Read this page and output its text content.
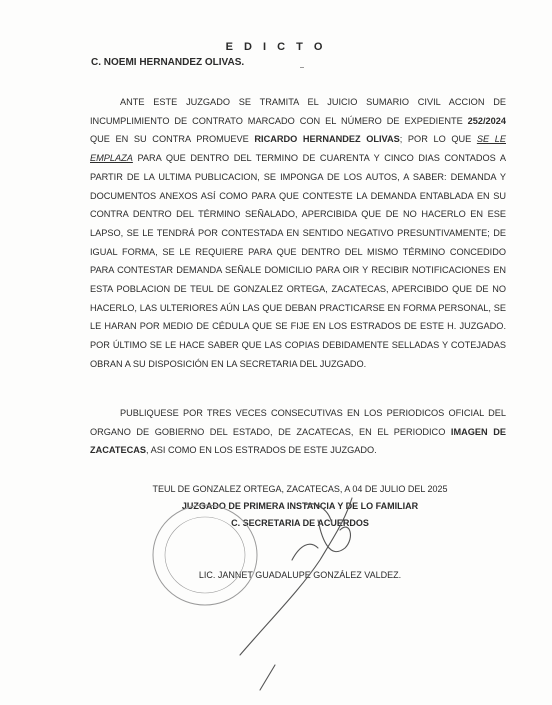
E D I C T O
C. NOEMI HERNANDEZ OLIVAS.
ANTE ESTE JUZGADO SE TRAMITA EL JUICIO SUMARIO CIVIL ACCION DE INCUMPLIMIENTO DE CONTRATO MARCADO CON EL NÚMERO DE EXPEDIENTE 252/2024 QUE EN SU CONTRA PROMUEVE RICARDO HERNANDEZ OLIVAS; POR LO QUE SE LE EMPLAZA PARA QUE DENTRO DEL TERMINO DE CUARENTA Y CINCO DIAS CONTADOS A PARTIR DE LA ULTIMA PUBLICACION, SE IMPONGA DE LOS AUTOS, A SABER: DEMANDA Y DOCUMENTOS ANEXOS ASÍ COMO PARA QUE CONTESTE LA DEMANDA ENTABLADA EN SU CONTRA DENTRO DEL TÉRMINO SEÑALADO, APERCIBIDA QUE DE NO HACERLO EN ESE LAPSO, SE LE TENDRÁ POR CONTESTADA EN SENTIDO NEGATIVO PRESUNTIVAMENTE; DE IGUAL FORMA, SE LE REQUIERE PARA QUE DENTRO DEL MISMO TÉRMINO CONCEDIDO PARA CONTESTAR DEMANDA SEÑALE DOMICILIO PARA OIR Y RECIBIR NOTIFICACIONES EN ESTA POBLACION DE TEUL DE GONZALEZ ORTEGA, ZACATECAS, APERCIBIDO QUE DE NO HACERLO, LAS ULTERIORES AÚN LAS QUE DEBAN PRACTICARSE EN FORMA PERSONAL, SE LE HARAN POR MEDIO DE CÉDULA QUE SE FIJE EN LOS ESTRADOS DE ESTE H. JUZGADO. POR ÚLTIMO SE LE HACE SABER QUE LAS COPIAS DEBIDAMENTE SELLADAS Y COTEJADAS OBRAN A SU DISPOSICIÓN EN LA SECRETARIA DEL JUZGADO.
PUBLIQUESE POR TRES VECES CONSECUTIVAS EN LOS PERIODICOS OFICIAL DEL ORGANO DE GOBIERNO DEL ESTADO, DE ZACATECAS, EN EL PERIODICO IMAGEN DE ZACATECAS, ASI COMO EN LOS ESTRADOS DE ESTE JUZGADO.
TEUL DE GONZALEZ ORTEGA, ZACATECAS, A 04 DE JULIO DEL 2025
JUZGADO DE PRIMERA INSTANCIA Y DE LO FAMILIAR
C. SECRETARIA DE ACUERDOS
LIC. JANNET GUADALUPE GONZÁLEZ VALDEZ.
